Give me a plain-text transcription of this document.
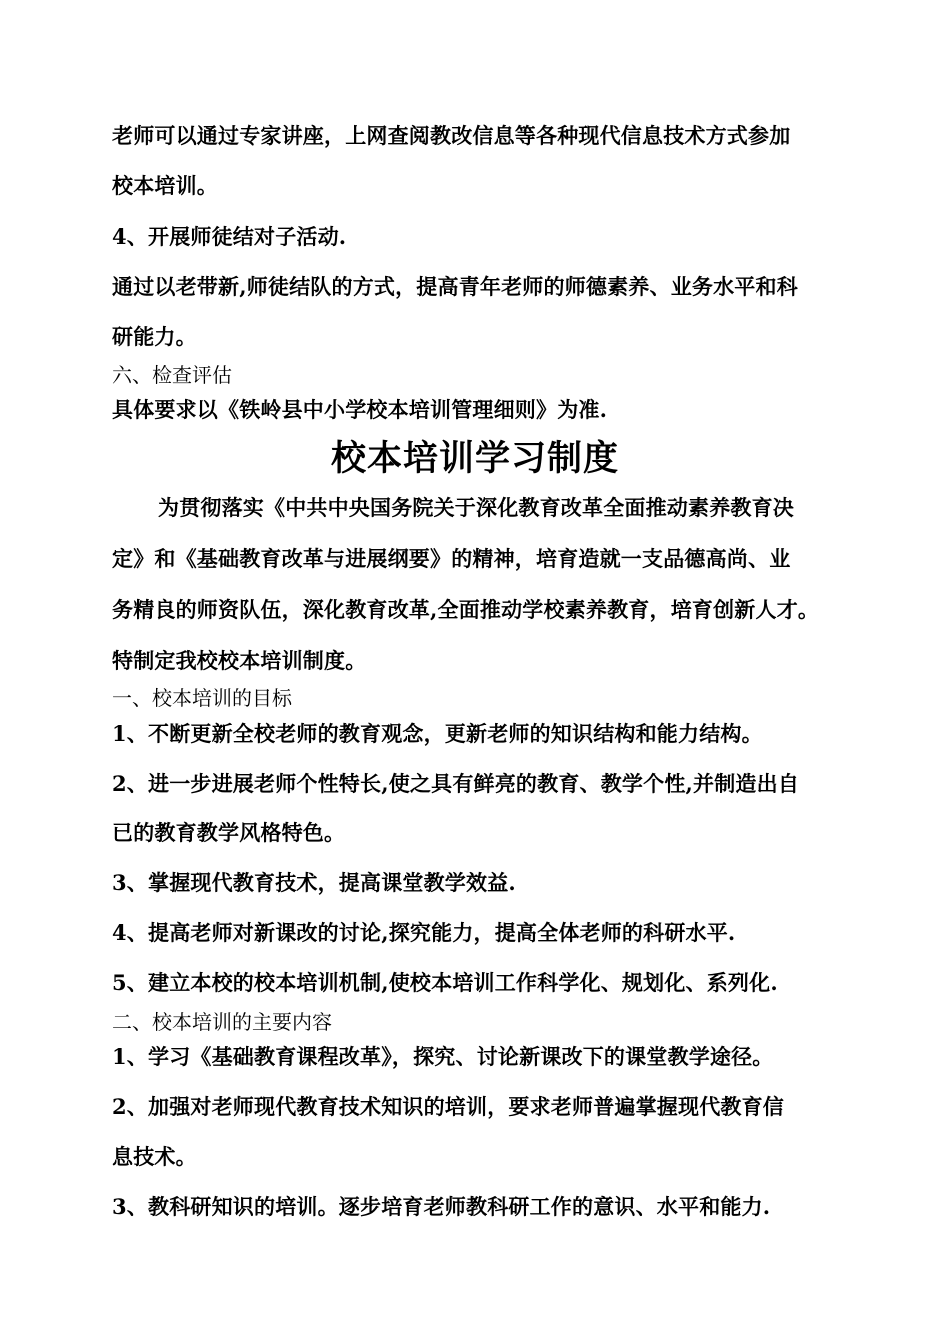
老师可以通过专家讲座，上网查阅教改信息等各种现代信息技术方式参加
校本培训。
4、开展师徒结对子活动.
通过以老带新,师徒结队的方式，提高青年老师的师德素养、业务水平和科
研能力。
六、检查评估
具体要求以《铁岭县中小学校本培训管理细则》为准.
校本培训学习制度
为贯彻落实《中共中央国务院关于深化教育改革全面推动素养教育决
定》和《基础教育改革与进展纲要》的精神，培育造就一支品德高尚、业
务精良的师资队伍，深化教育改革,全面推动学校素养教育，培育创新人才。
特制定我校校本培训制度。
一、校本培训的目标
1、不断更新全校老师的教育观念，更新老师的知识结构和能力结构。
2、进一步进展老师个性特长,使之具有鲜亮的教育、教学个性,并制造出自
已的教育教学风格特色。
3、掌握现代教育技术，提高课堂教学效益.
4、提高老师对新课改的讨论,探究能力，提高全体老师的科研水平.
5、建立本校的校本培训机制,使校本培训工作科学化、规划化、系列化.
二、校本培训的主要内容
1、学习《基础教育课程改革》，探究、讨论新课改下的课堂教学途径。
2、加强对老师现代教育技术知识的培训，要求老师普遍掌握现代教育信
息技术。
3、教科研知识的培训。逐步培育老师教科研工作的意识、水平和能力.
